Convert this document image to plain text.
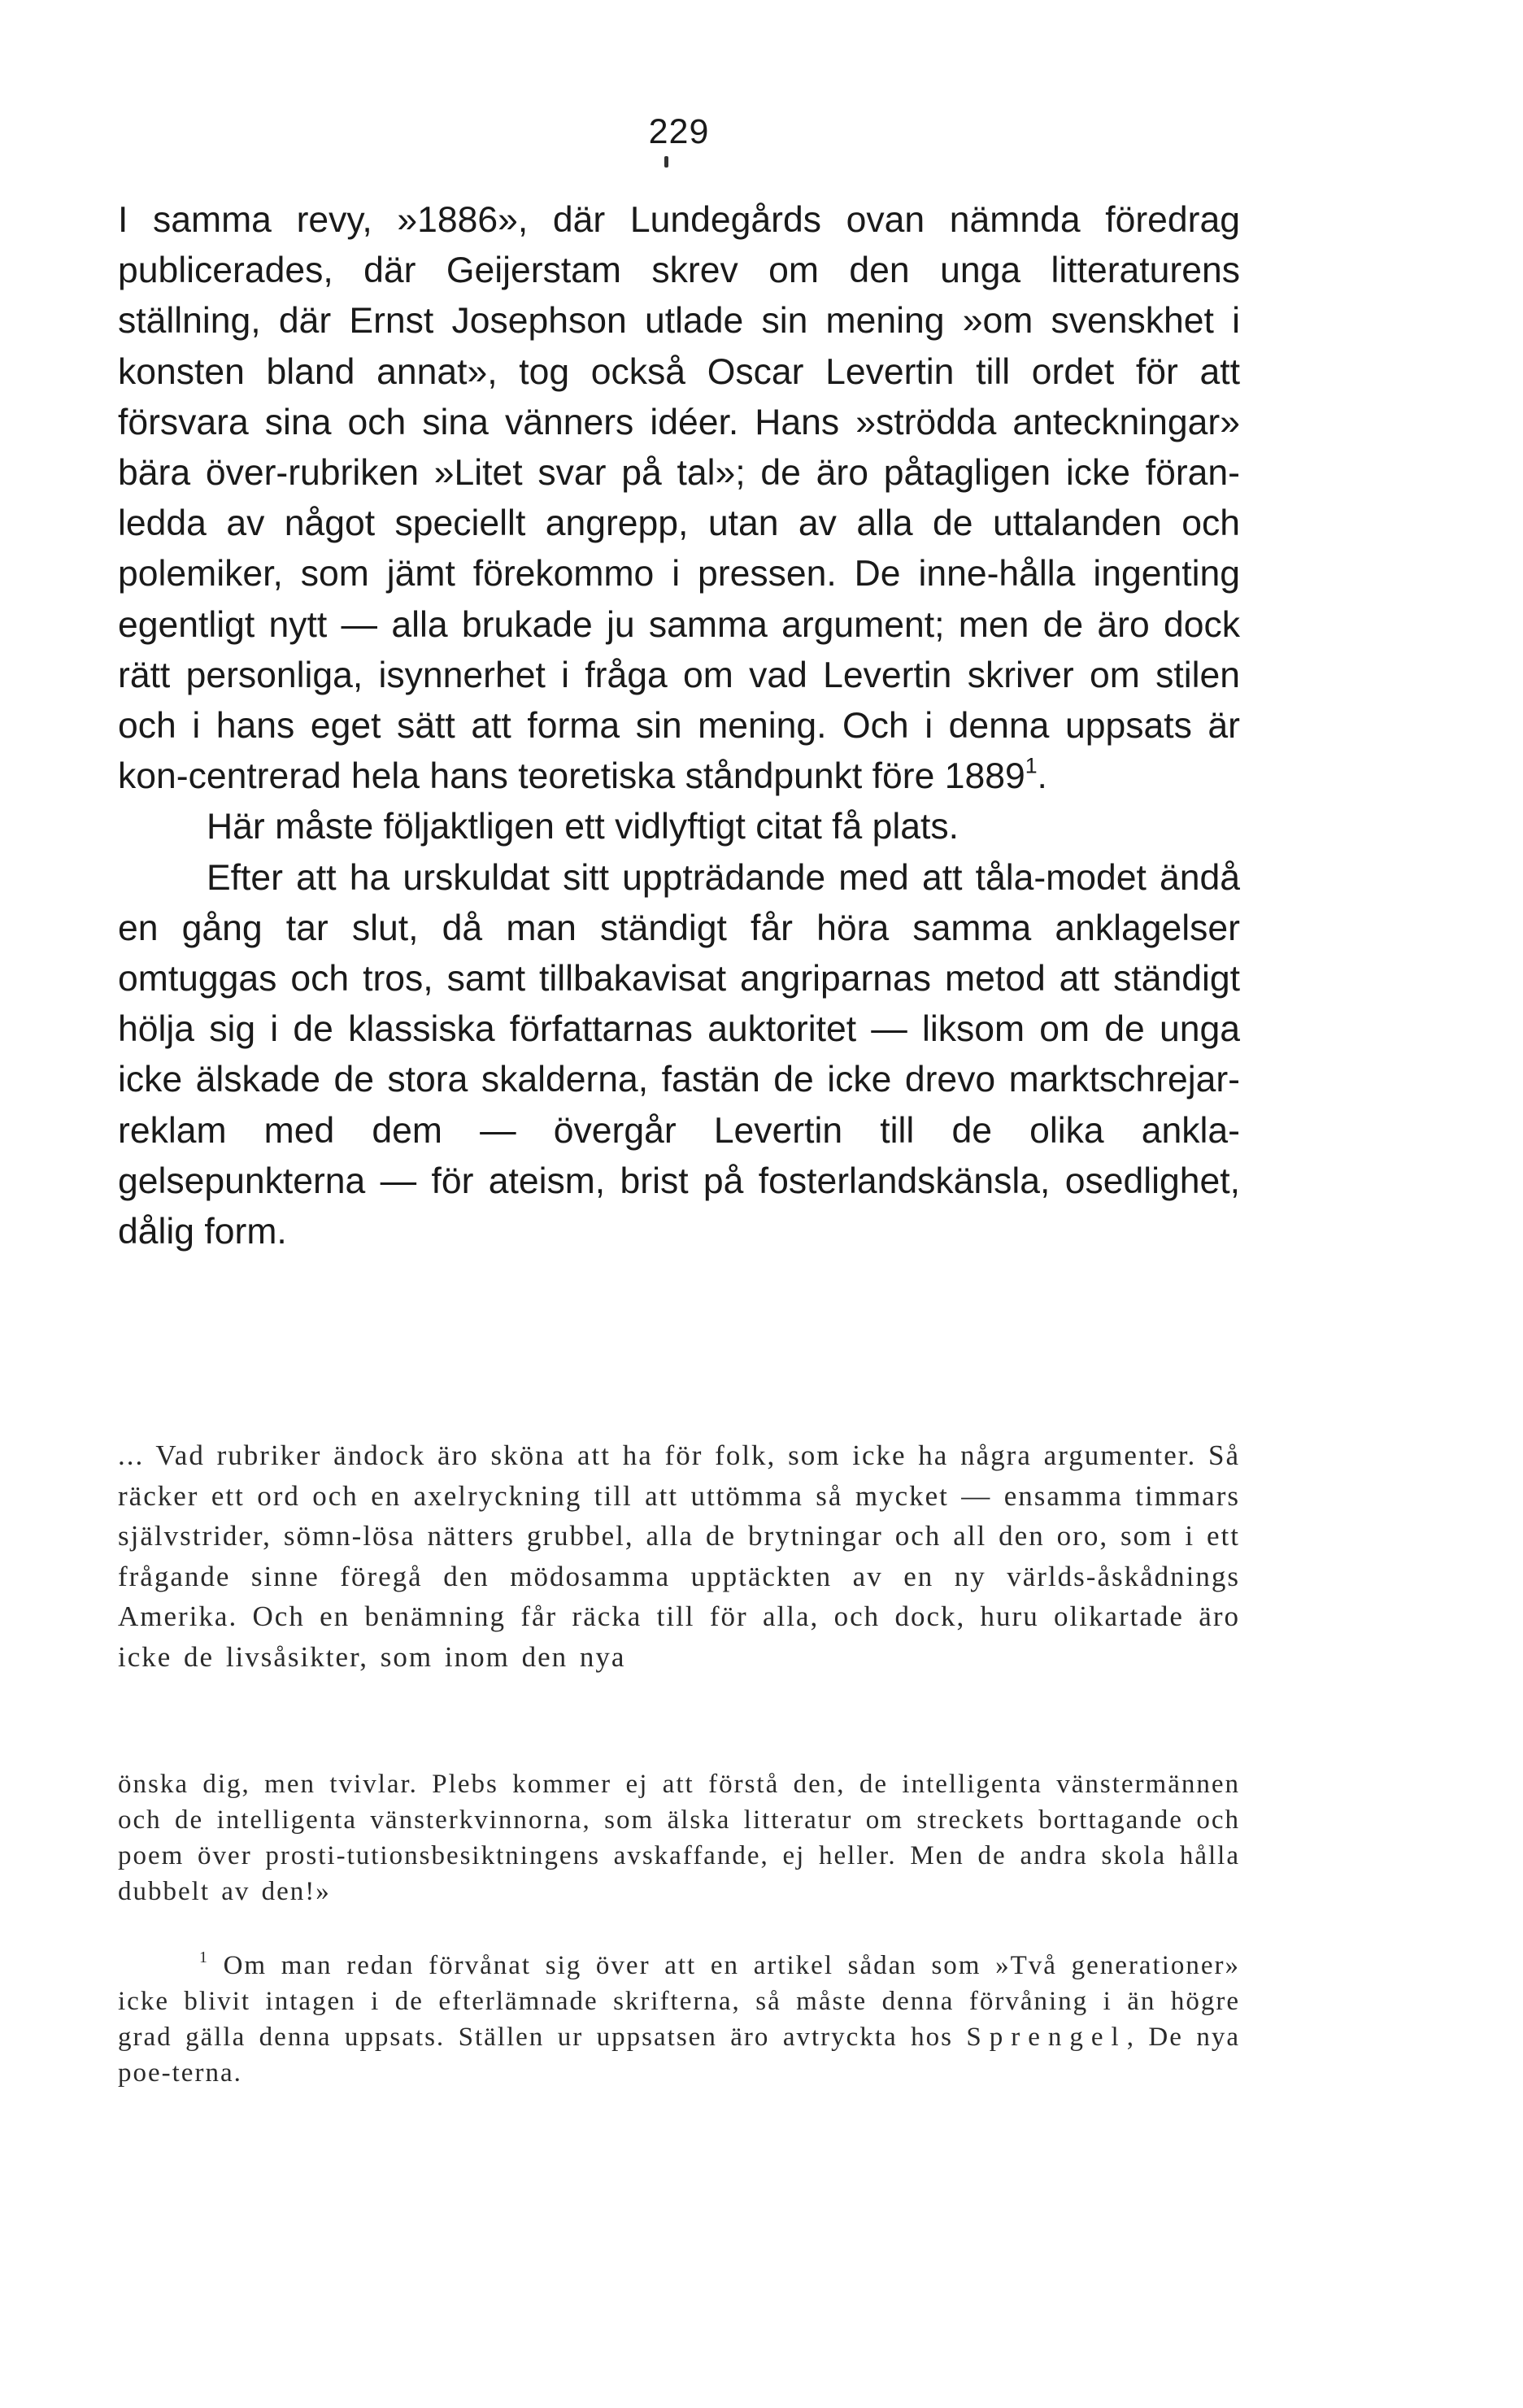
229

I samma revy, »1886», där Lundegårds ovan nämnda föredrag publicerades, där Geijerstam skrev om den unga litteraturens ställning, där Ernst Josephson utlade sin mening »om svenskhet i konsten bland annat», tog också Oscar Levertin till ordet för att försvara sina och sina vänners idéer. Hans »strödda anteckningar» bära över-rubriken »Litet svar på tal»; de äro påtagligen icke föran-ledda av något speciellt angrepp, utan av alla de uttalanden och polemiker, som jämt förekommo i pressen. De inne-hålla ingenting egentligt nytt — alla brukade ju samma argument; men de äro dock rätt personliga, isynnerhet i fråga om vad Levertin skriver om stilen och i hans eget sätt att forma sin mening. Och i denna uppsats är kon-centrerad hela hans teoretiska ståndpunkt före 1889$^1$.

Här måste följaktligen ett vidlyftigt citat få plats.

Efter att ha urskuldat sitt uppträdande med att tåla-modet ändå en gång tar slut, då man ständigt får höra samma anklagelser omtuggas och tros, samt tillbakavisat angriparnas metod att ständigt hölja sig i de klassiska författarnas auktoritet — liksom om de unga icke älskade de stora skalderna, fastän de icke drevo marktschrejar-reklam med dem — övergår Levertin till de olika ankla-gelsepunkterna — för ateism, brist på fosterlandskänsla, osedlighet, dålig form.

... Vad rubriker ändock äro sköna att ha för folk, som icke ha några argumenter. Så räcker ett ord och en axelryckning till att uttömma så mycket — ensamma timmars självstrider, sömn-lösa nätters grubbel, alla de brytningar och all den oro, som i ett frågande sinne föregå den mödosamma upptäckten av en ny världs-åskådnings Amerika. Och en benämning får räcka till för alla, och dock, huru olikartade äro icke de livsåsikter, som inom den nya

önska dig, men tvivlar. Plebs kommer ej att förstå den, de intelligenta vänstermännen och de intelligenta vänsterkvinnorna, som älska litteratur om streckets borttagande och poem över prosti-tutionsbesiktningens avskaffande, ej heller. Men de andra skola hålla dubbelt av den!»

$^1$ Om man redan förvånat sig över att en artikel sådan som »Två generationer» icke blivit intagen i de efterlämnade skrifterna, så måste denna förvåning i än högre grad gälla denna uppsats. Ställen ur uppsatsen äro avtryckta hos Sprengel, De nya poe-terna.
